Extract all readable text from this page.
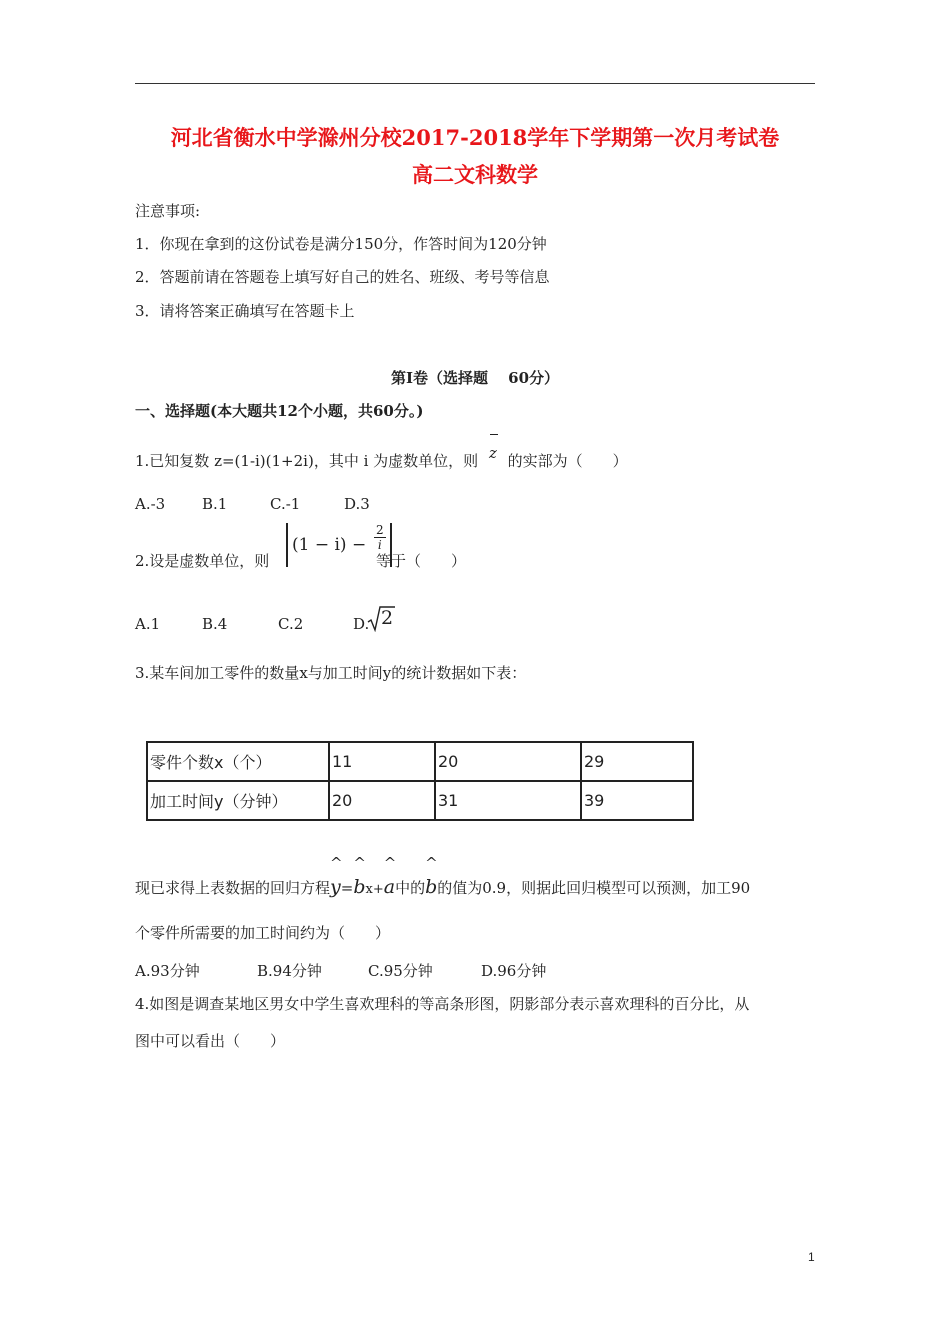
河北省衡水中学滁州分校2017-2018学年下学期第一次月考试卷
高二文科数学
注意事项:
1．你现在拿到的这份试卷是满分150分，作答时间为120分钟
2．答题前请在答题卷上填写好自己的姓名、班级、考号等信息
3．请将答案正确填写在答题卡上
第Ⅰ卷（选择题　 60分）
一、选择题(本大题共12个小题，共60分。)
1.已知复数 z=(1-i)(1+2i)，其中 i 为虚数单位，则 z 的实部为（　　）
A.-3 B.1	C.-1	D.3
2.设是虚数单位，则
$(1 - i) - \frac{2}{i}$
等于（　　）
A.1	B.4	C.2	D. 2
3.某车间加工零件的数量x与加工时间y的统计数据如下表：
零件个数x（个）	11	20	29
加工时间y（分钟）	20	31	39
现已求得上表数据的回归方程
^
y=
^
bx+
^
a中的
^
b的值为0.9，则据此回归模型可以预测，加工90
个零件所需要的加工时间约为（　　）
A.93分钟	B.94分钟	C.95分钟	D.96分钟
4.如图是调查某地区男女中学生喜欢理科的等高条形图，阴影部分表示喜欢理科的百分比，从
图中可以看出（　　）
1
